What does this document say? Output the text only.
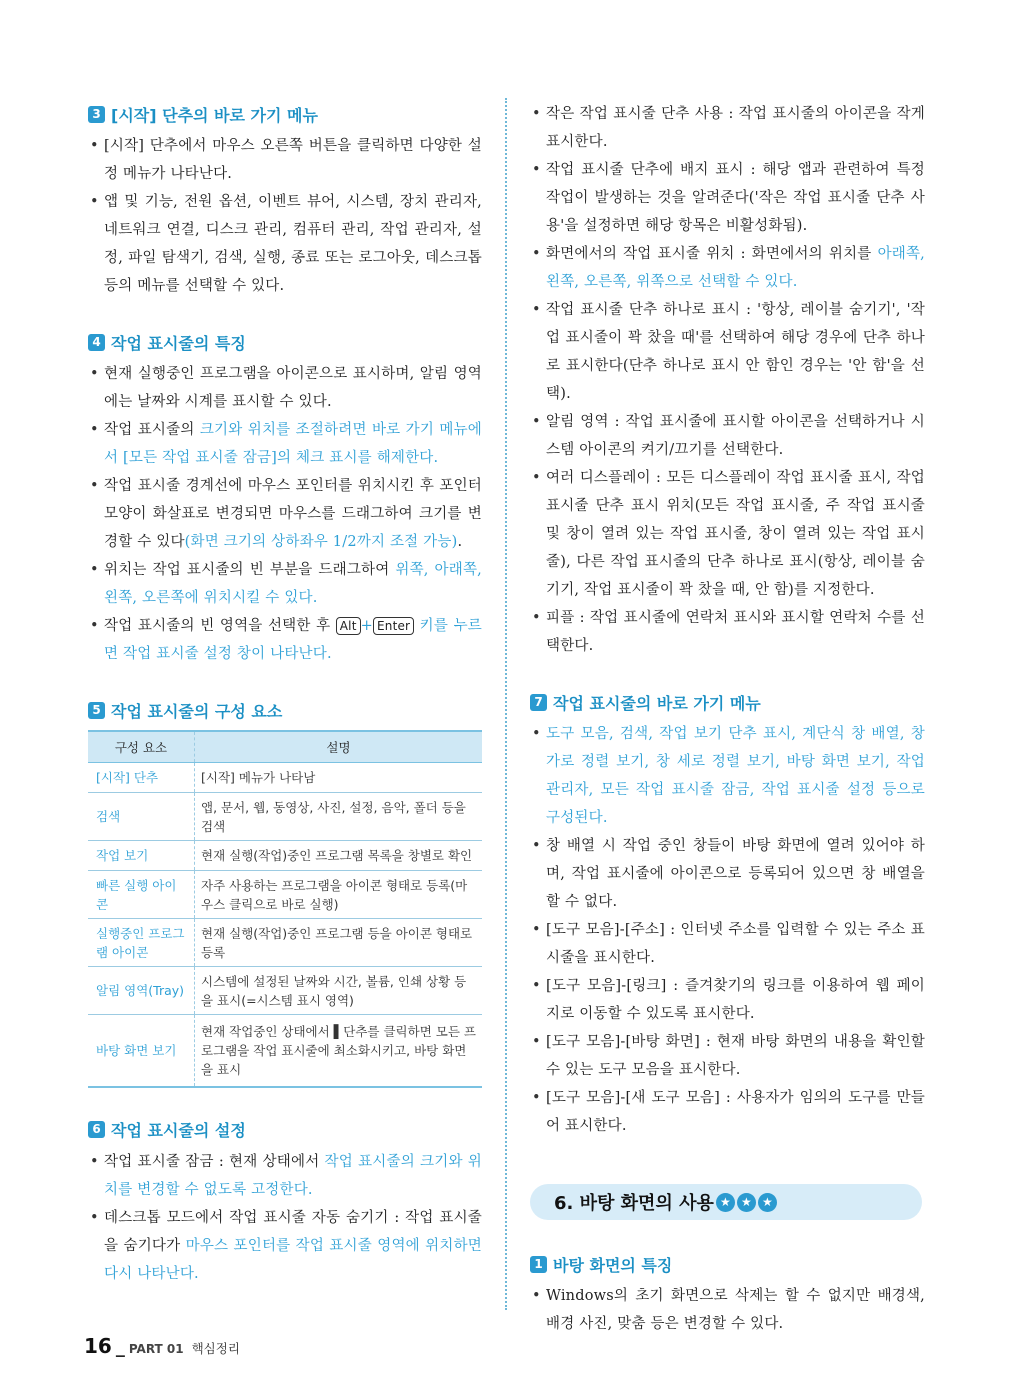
3 [시작] 단추의 바로 가기 메뉴
• [시작] 단추에서 마우스 오른쪽 버튼을 클릭하면 다양한 설정 메뉴가 나타난다.
• 앱 및 기능, 전원 옵션, 이벤트 뷰어, 시스템, 장치 관리자, 네트워크 연결, 디스크 관리, 컴퓨터 관리, 작업 관리자, 설정, 파일 탐색기, 검색, 실행, 종료 또는 로그아웃, 데스크톱 등의 메뉴를 선택할 수 있다.
4 작업 표시줄의 특징
• 현재 실행중인 프로그램을 아이콘으로 표시하며, 알림 영역에는 날짜와 시계를 표시할 수 있다.
• 작업 표시줄의 크기와 위치를 조절하려면 바로 가기 메뉴에서 [모든 작업 표시줄 잠금]의 체크 표시를 해제한다.
• 작업 표시줄 경계선에 마우스 포인터를 위치시킨 후 포인터 모양이 화살표로 변경되면 마우스를 드래그하여 크기를 변경할 수 있다(화면 크기의 상하좌우 1/2까지 조절 가능).
• 위치는 작업 표시줄의 빈 부분을 드래그하여 위쪽, 아래쪽, 왼쪽, 오른쪽에 위치시킬 수 있다.
• 작업 표시줄의 빈 영역을 선택한 후 Alt + Enter 키를 누르면 작업 표시줄 설정 창이 나타난다.
5 작업 표시줄의 구성 요소
구성 요소	설명
[시작] 단추	[시작] 메뉴가 나타남
검색	앱, 문서, 웹, 동영상, 사진, 설정, 음악, 폴더 등을 검색
작업 보기	현재 실행(작업)중인 프로그램 목록을 창별로 확인
빠른 실행 아이콘	자주 사용하는 프로그램을 아이콘 형태로 등록(마우스 클릭으로 바로 실행)
실행중인 프로그램 아이콘	현재 실행(작업)중인 프로그램 등을 아이콘 형태로 등록
알림 영역(Tray)	시스템에 설정된 날짜와 시간, 볼륨, 인쇄 상황 등을 표시(=시스템 표시 영역)
바탕 화면 보기	현재 작업중인 상태에서 ▌단추를 클릭하면 모든 프로그램을 작업 표시줄에 최소화시키고, 바탕 화면을 표시
6 작업 표시줄의 설정
• 작업 표시줄 잠금 : 현재 상태에서 작업 표시줄의 크기와 위치를 변경할 수 없도록 고정한다.
• 데스크톱 모드에서 작업 표시줄 자동 숨기기 : 작업 표시줄을 숨기다가 마우스 포인터를 작업 표시줄 영역에 위치하면 다시 나타난다.
• 작은 작업 표시줄 단추 사용 : 작업 표시줄의 아이콘을 작게 표시한다.
• 작업 표시줄 단추에 배지 표시 : 해당 앱과 관련하여 특정 작업이 발생하는 것을 알려준다('작은 작업 표시줄 단추 사용'을 설정하면 해당 항목은 비활성화됨).
• 화면에서의 작업 표시줄 위치 : 화면에서의 위치를 아래쪽, 왼쪽, 오른쪽, 위쪽으로 선택할 수 있다.
• 작업 표시줄 단추 하나로 표시 : '항상, 레이블 숨기기', '작업 표시줄이 꽉 찼을 때'를 선택하여 해당 경우에 단추 하나로 표시한다(단추 하나로 표시 안 함인 경우는 '안 함'을 선택).
• 알림 영역 : 작업 표시줄에 표시할 아이콘을 선택하거나 시스템 아이콘의 켜기/끄기를 선택한다.
• 여러 디스플레이 : 모든 디스플레이 작업 표시줄 표시, 작업 표시줄 단추 표시 위치(모든 작업 표시줄, 주 작업 표시줄 및 창이 열려 있는 작업 표시줄, 창이 열려 있는 작업 표시줄), 다른 작업 표시줄의 단추 하나로 표시(항상, 레이블 숨기기, 작업 표시줄이 꽉 찼을 때, 안 함)를 지정한다.
• 피플 : 작업 표시줄에 연락처 표시와 표시할 연락처 수를 선택한다.
7 작업 표시줄의 바로 가기 메뉴
• 도구 모음, 검색, 작업 보기 단추 표시, 계단식 창 배열, 창 가로 정렬 보기, 창 세로 정렬 보기, 바탕 화면 보기, 작업 관리자, 모든 작업 표시줄 잠금, 작업 표시줄 설정 등으로 구성된다.
• 창 배열 시 작업 중인 창들이 바탕 화면에 열려 있어야 하며, 작업 표시줄에 아이콘으로 등록되어 있으면 창 배열을 할 수 없다.
• [도구 모음]-[주소] : 인터넷 주소를 입력할 수 있는 주소 표시줄을 표시한다.
• [도구 모음]-[링크] : 즐겨찾기의 링크를 이용하여 웹 페이지로 이동할 수 있도록 표시한다.
• [도구 모음]-[바탕 화면] : 현재 바탕 화면의 내용을 확인할 수 있는 도구 모음을 표시한다.
• [도구 모음]-[새 도구 모음] : 사용자가 임의의 도구를 만들어 표시한다.
6. 바탕 화면의 사용 ★ ★ ★
1 바탕 화면의 특징
• Windows의 초기 화면으로 삭제는 할 수 없지만 배경색, 배경 사진, 맞춤 등은 변경할 수 있다.
16 _ PART 01 핵심정리
